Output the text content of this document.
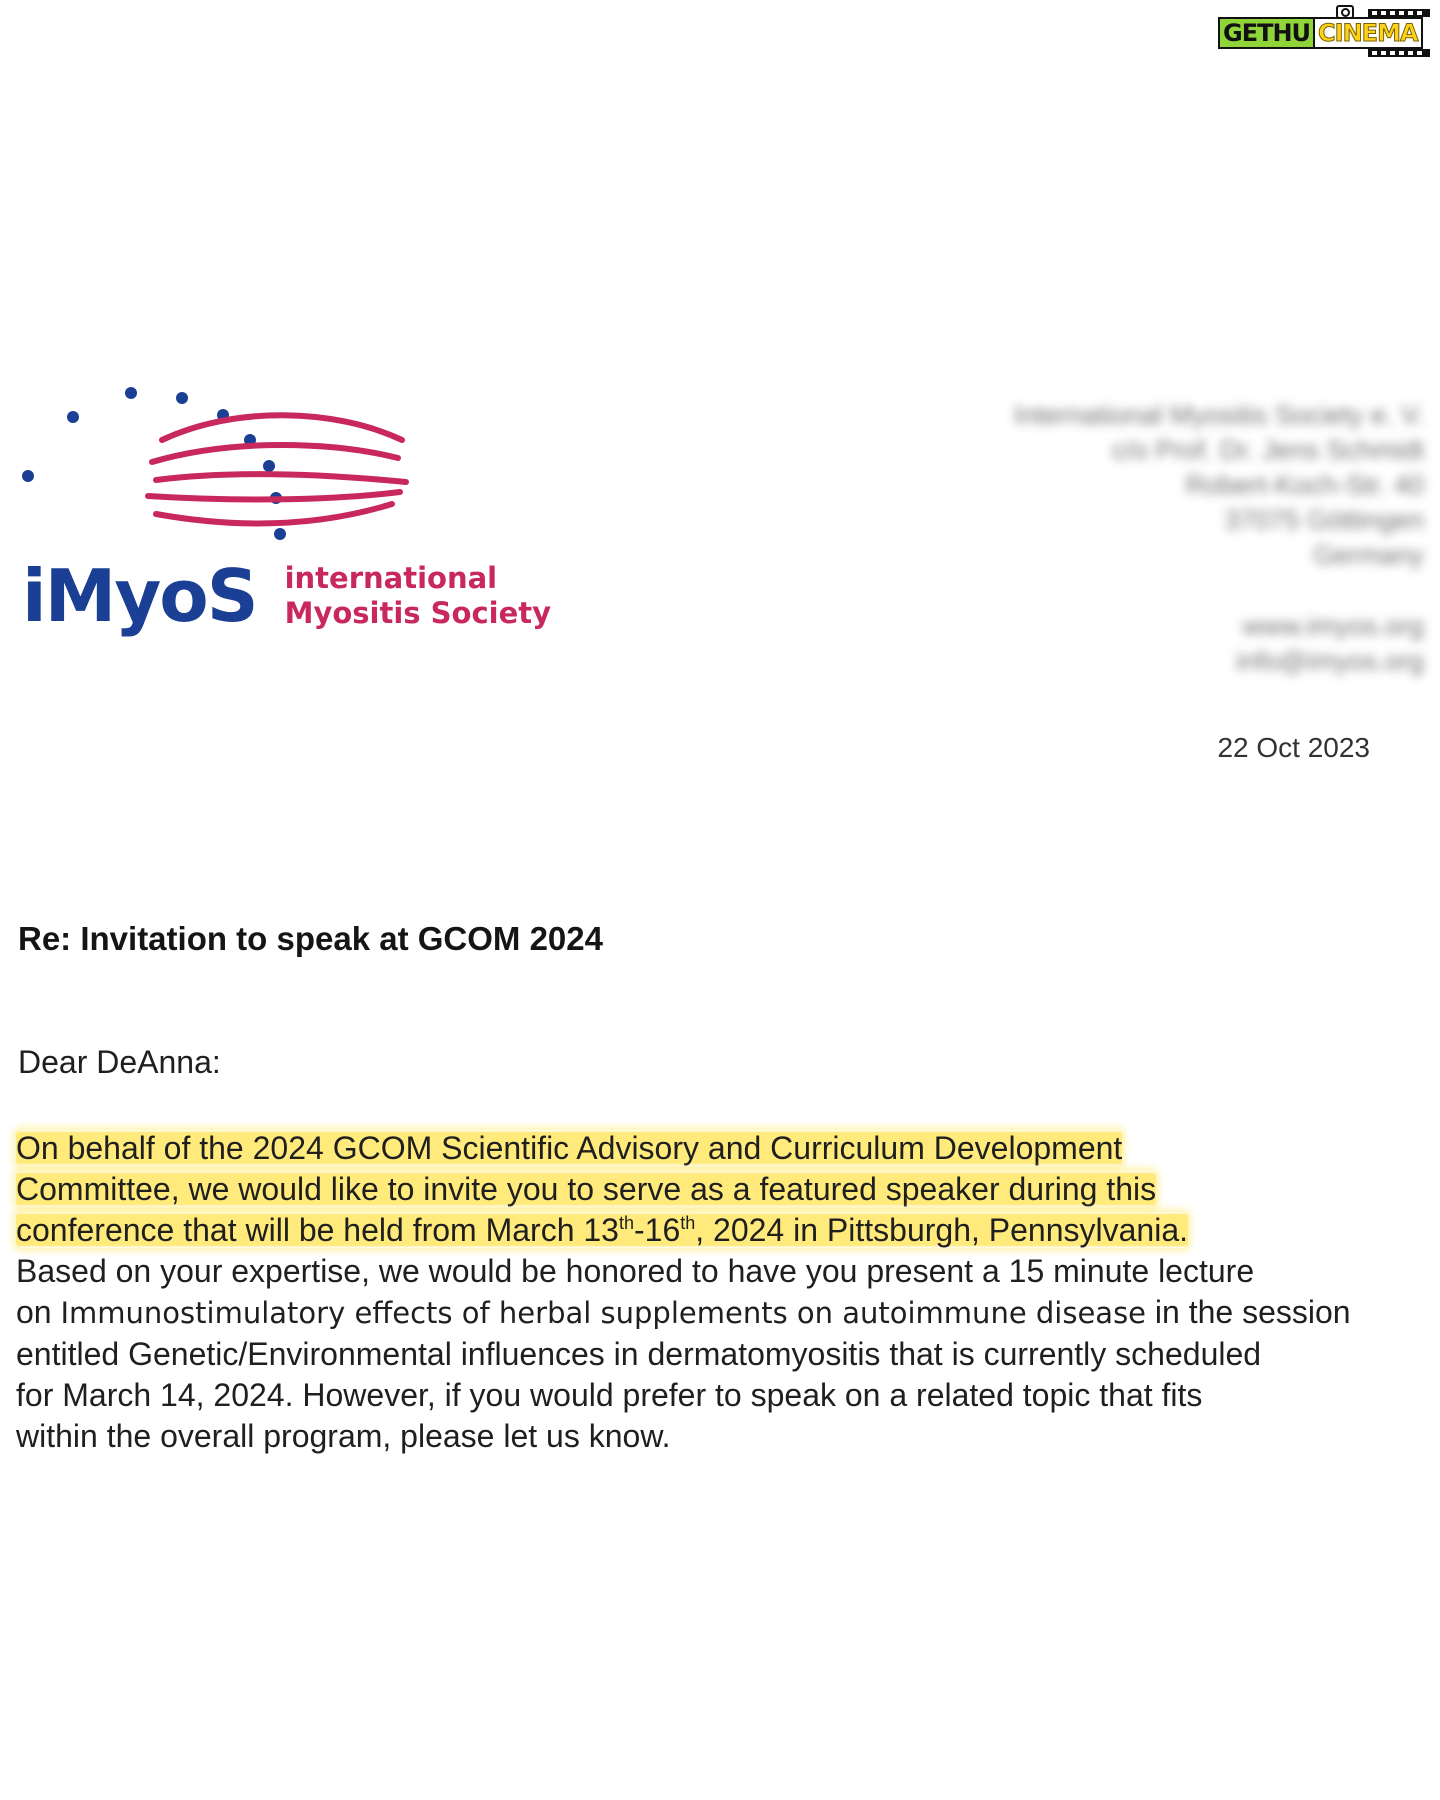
GETHU CINEMA
iMyoS international
Myositis Society
International Myositis Society e. V.
c/o Prof. Dr. Jens Schmidt
Robert-Koch-Str. 40
37075 Göttingen
Germany
www.imyos.org
info@imyos.org
22 Oct 2023
Re: Invitation to speak at GCOM 2024
Dear DeAnna:

On behalf of the 2024 GCOM Scientific Advisory and Curriculum Development
Committee, we would like to invite you to serve as a featured speaker during this
conference that will be held from March 13th-16th, 2024 in Pittsburgh, Pennsylvania.
Based on your expertise, we would be honored to have you present a 15 minute lecture
on Immunostimulatory effects of herbal supplements on autoimmune disease in the session
entitled Genetic/Environmental influences in dermatomyositis that is currently scheduled
for March 14, 2024. However, if you would prefer to speak on a related topic that fits
within the overall program, please let us know.
